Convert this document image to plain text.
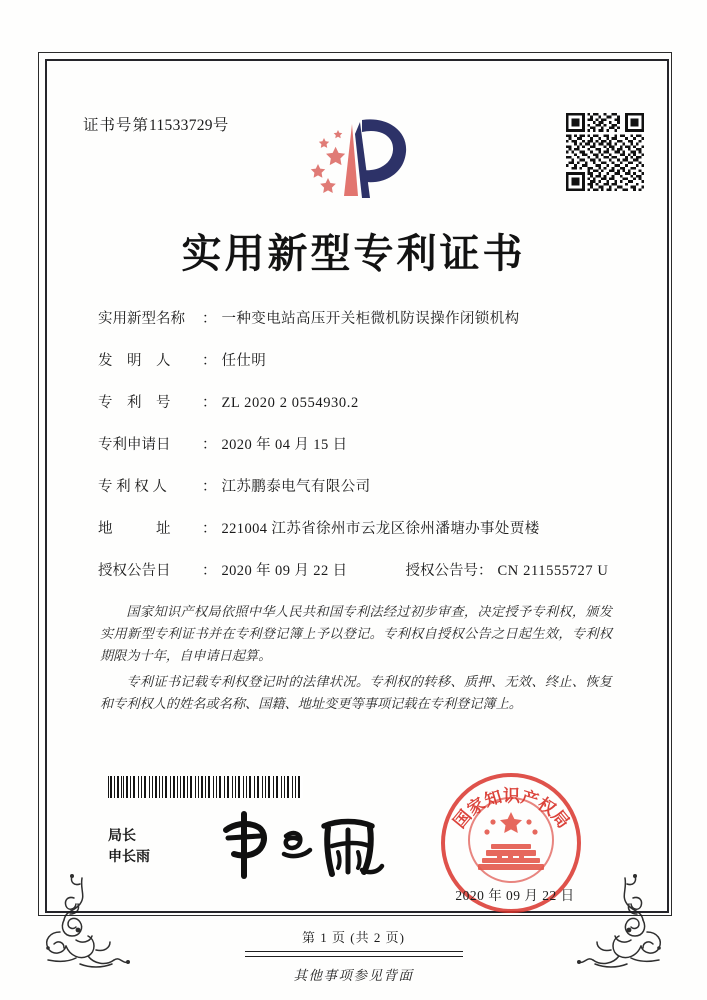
证书号第11533729号
实用新型专利证书
实用新型名称	： 一种变电站高压开关柜微机防误操作闭锁机构
发　明　人	： 任仕明
专　利　号	： ZL 2020 2 0554930.2
专利申请日	： 2020 年 04 月 15 日
专 利 权 人	： 江苏鹏泰电气有限公司
地　　　址	： 221004 江苏省徐州市云龙区徐州潘塘办事处贾楼
授权公告日	： 2020 年 09 月 22 日	授权公告号 ： CN 211555727 U

国家知识产权局依照中华人民共和国专利法经过初步审查，决定授予专利权，颁发实用新型专利证书并在专利登记簿上予以登记。专利权自授权公告之日起生效，专利权期限为十年，自申请日起算。

专利证书记载专利权登记时的法律状况。专利权的转移、质押、无效、终止、恢复和专利权人的姓名或名称、国籍、地址变更等事项记载在专利登记簿上。

局长
申长雨
国家知识产权局
2020 年 09 月 22 日
第 1 页 (共 2 页)
其他事项参见背面
